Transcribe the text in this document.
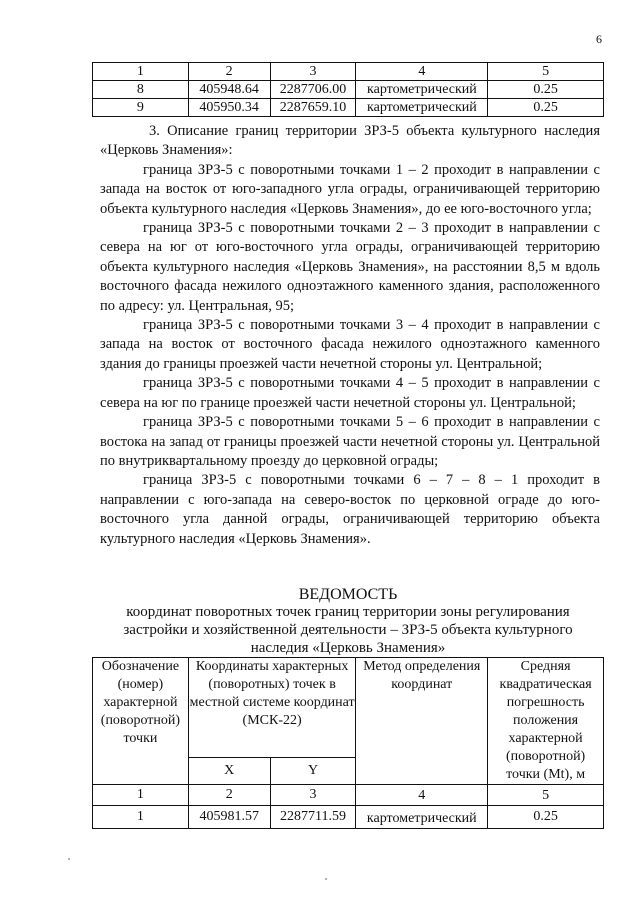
6
1	2	3	4	5
8	405948.64	2287706.00	картометрический	0.25
9	405950.34	2287659.10	картометрический	0.25

3. Описание границ территории ЗРЗ-5 объекта культурного наследия «Церковь Знамения»:

граница ЗРЗ-5 с поворотными точками 1 – 2 проходит в направлении с запада на восток от юго-западного угла ограды, ограничивающей территорию объекта культурного наследия «Церковь Знамения», до ее юго-восточного угла;

граница ЗРЗ-5 с поворотными точками 2 – 3 проходит в направлении с севера на юг от юго-восточного угла ограды, ограничивающей территорию объекта культурного наследия «Церковь Знамения», на расстоянии 8,5 м вдоль восточного фасада нежилого одноэтажного каменного здания, расположенного по адресу: ул. Центральная, 95;

граница ЗРЗ-5 с поворотными точками 3 – 4 проходит в направлении с запада на восток от восточного фасада нежилого одноэтажного каменного здания до границы проезжей части нечетной стороны ул. Центральной;

граница ЗРЗ-5 с поворотными точками 4 – 5 проходит в направлении с севера на юг по границе проезжей части нечетной стороны ул. Центральной;

граница ЗРЗ-5 с поворотными точками 5 – 6 проходит в направлении с востока на запад от границы проезжей части нечетной стороны ул. Центральной по внутриквартальному проезду до церковной ограды;

граница ЗРЗ-5 с поворотными точками 6 – 7 – 8 – 1 проходит в направлении с юго-запада на северо-восток по церковной ограде до юго-восточного угла данной ограды, ограничивающей территорию объекта культурного наследия «Церковь Знамения».

ВЕДОМОСТЬ
координат поворотных точек границ территории зоны регулирования
застройки и хозяйственной деятельности – ЗРЗ-5 объекта культурного
наследия «Церковь Знамения»
Обозначение (номер) характерной (поворотной) точки	Координаты характерных (поворотных) точек в местной системе координат (МСК-22)		Метод определения координат	Средняя квадратическая погрешность положения характерной (поворотной) точки (Mt), м
	X	Y		
1	2	3	4	5
1	405981.57	2287711.59	картометрический	0.25
